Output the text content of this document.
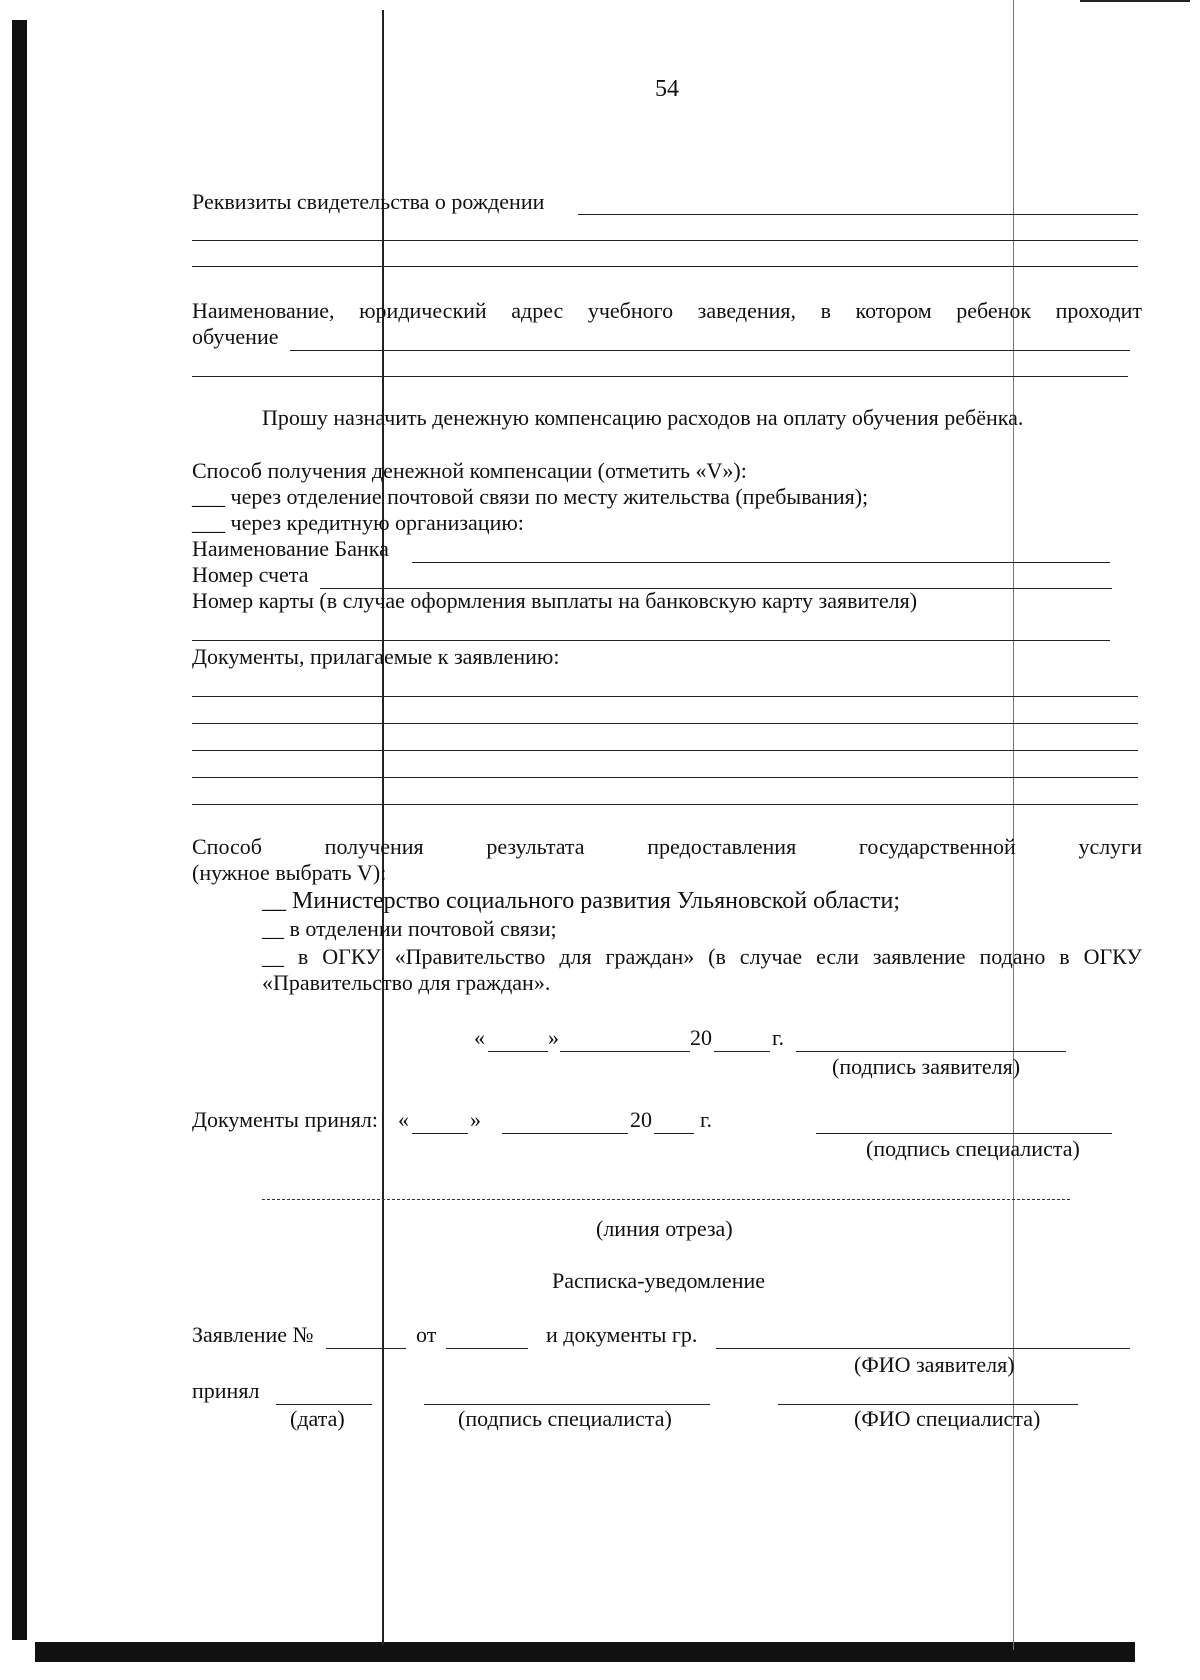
54
Реквизиты свидетельства о рождении
Наименование, юридический адрес учебного заведения, в котором ребенок проходит
обучение
Прошу назначить денежную компенсацию расходов на оплату обучения ребёнка.
Способ получения денежной компенсации (отметить «V»):
___ через отделение почтовой связи по месту жительства (пребывания);
___ через кредитную организацию:
Наименование Банка
Номер счета
Номер карты (в случае оформления выплаты на банковскую карту заявителя)
Документы, прилагаемые к заявлению:
Способ	получения	результата	предоставления	государственной	услуги
(нужное выбрать V):
__ Министерство социального развития Ульяновской области;
__ в отделении почтовой связи;
__ в ОГКУ «Правительство для граждан» (в случае если заявление подано в ОГКУ
«Правительство для граждан».
«	»	20	г.
(подпись заявителя)
Документы принял: «	»	20 г.
(подпись специалиста)
(линия отреза)
Расписка-уведомление
Заявление №	от	и документы гр.
(ФИО заявителя)
принял
(дата)	(подпись специалиста)	(ФИО специалиста)
